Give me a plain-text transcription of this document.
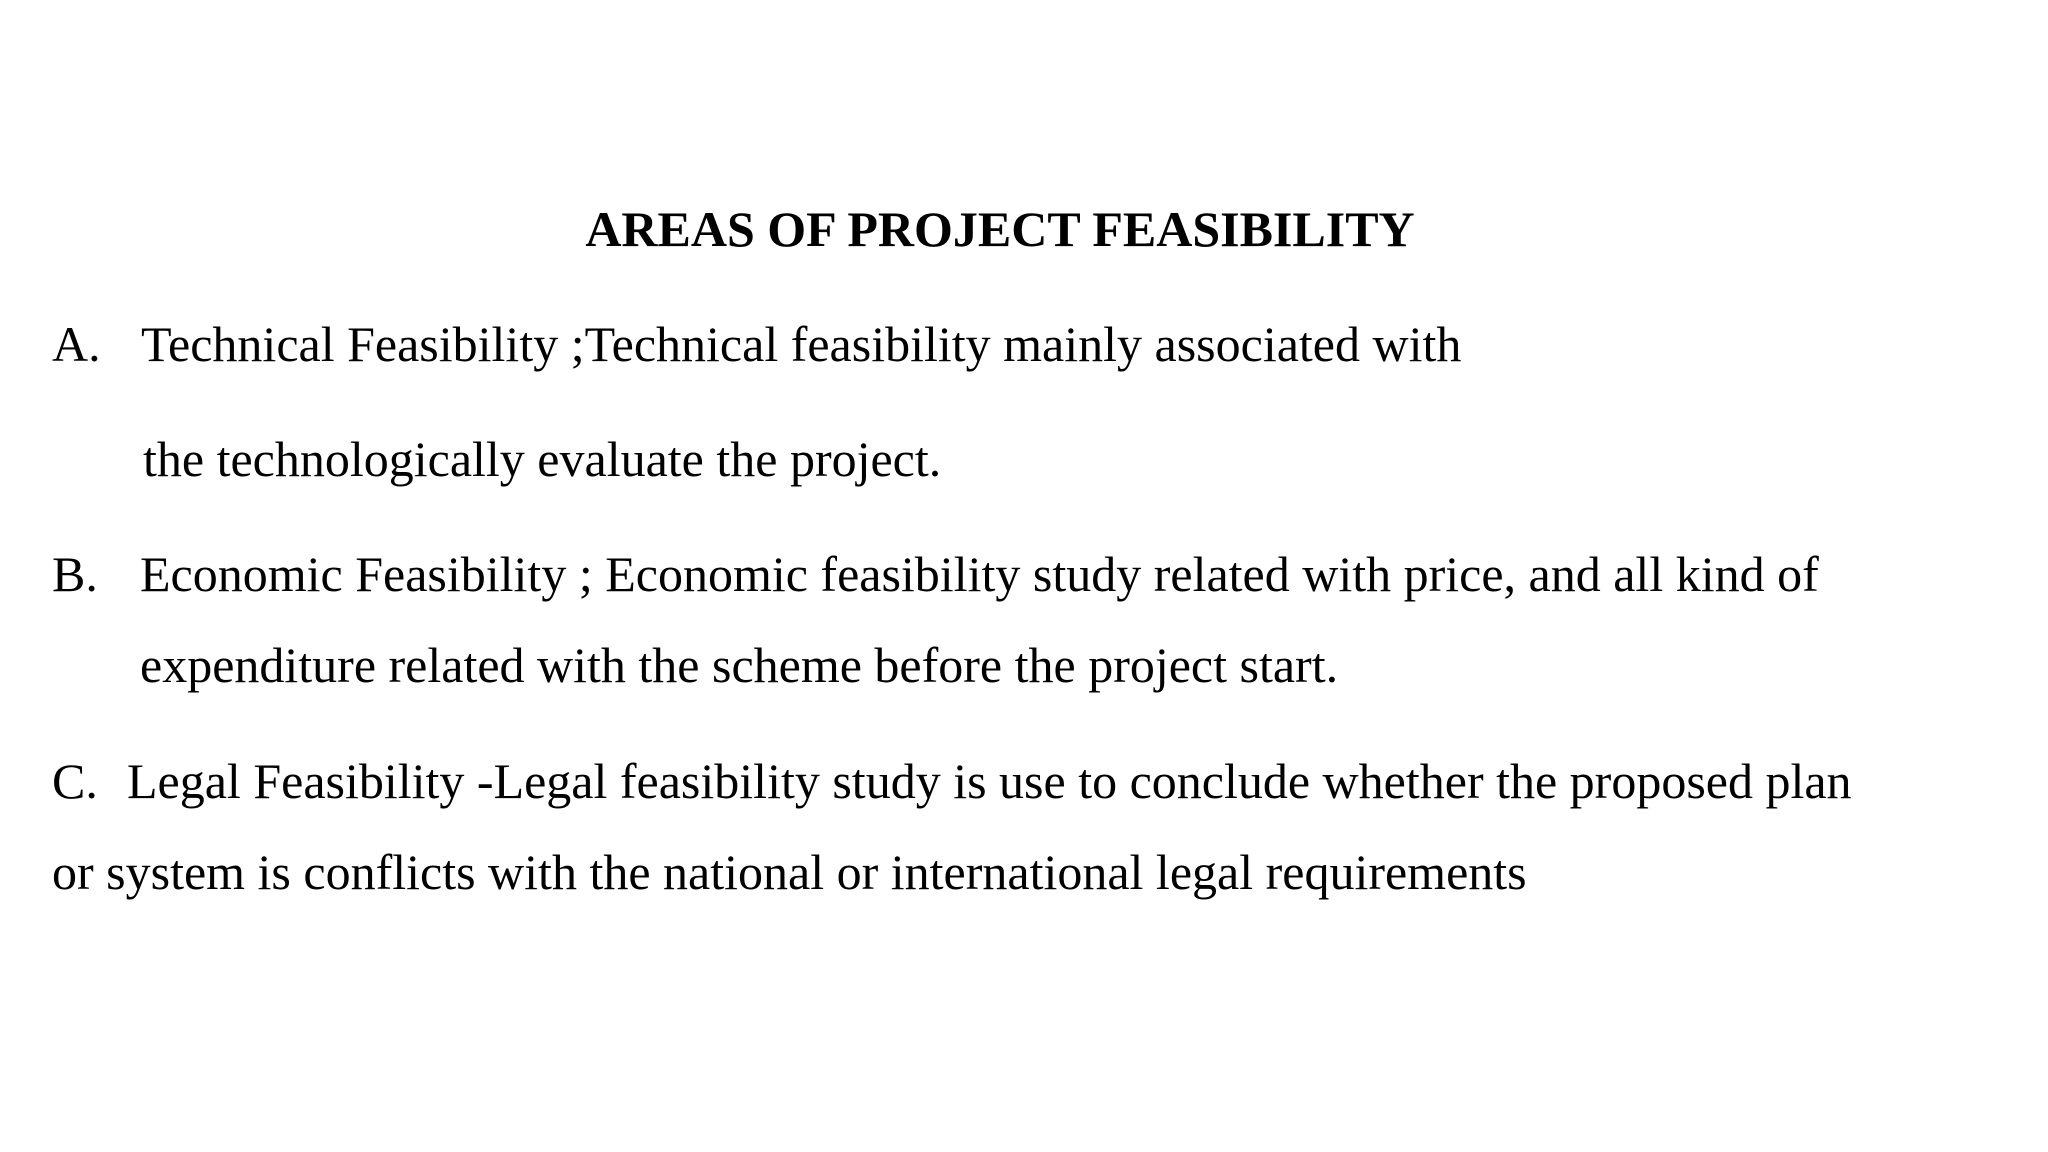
AREAS OF PROJECT FEASIBILITY
A. Technical Feasibility ;Technical feasibility mainly associated with
the technologically evaluate the project.
B. Economic Feasibility ; Economic feasibility study related with price, and all kind of
expenditure related with the scheme before the project start.
C. Legal Feasibility -Legal feasibility study is use to conclude whether the proposed plan
or system is conflicts with the national or international legal requirements
